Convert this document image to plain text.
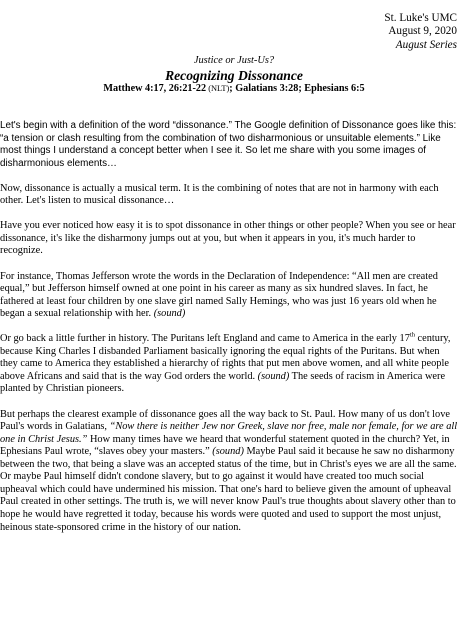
St. Luke's UMC
August 9, 2020
August Series
Justice or Just-Us?
Recognizing Dissonance
Matthew 4:17, 26:21-22 (NLT); Galatians 3:28; Ephesians 6:5

Let's begin with a definition of the word “dissonance.” The Google definition of Dissonance goes like this: “a tension or clash resulting from the combination of two disharmonious or unsuitable elements.” Like most things I understand a concept better when I see it. So let me share with you some images of disharmonious elements…

Now, dissonance is actually a musical term. It is the combining of notes that are not in harmony with each other. Let's listen to musical dissonance…

Have you ever noticed how easy it is to spot dissonance in other things or other people? When you see or hear dissonance, it's like the disharmony jumps out at you, but when it appears in you, it's much harder to recognize.

For instance, Thomas Jefferson wrote the words in the Declaration of Independence: “All men are created equal,” but Jefferson himself owned at one point in his career as many as six hundred slaves. In fact, he fathered at least four children by one slave girl named Sally Hemings, who was just 16 years old when he began a sexual relationship with her. (sound)

Or go back a little further in history. The Puritans left England and came to America in the early 17th century, because King Charles I disbanded Parliament basically ignoring the equal rights of the Puritans. But when they came to America they established a hierarchy of rights that put men above women, and all white people above Africans and said that is the way God orders the world. (sound) The seeds of racism in America were planted by Christian pioneers.

But perhaps the clearest example of dissonance goes all the way back to St. Paul. How many of us don't love Paul's words in Galatians, “Now there is neither Jew nor Greek, slave nor free, male nor female, for we are all one in Christ Jesus.” How many times have we heard that wonderful statement quoted in the church? Yet, in Ephesians Paul wrote, “slaves obey your masters.” (sound) Maybe Paul said it because he saw no disharmony between the two, that being a slave was an accepted status of the time, but in Christ's eyes we are all the same. Or maybe Paul himself didn't condone slavery, but to go against it would have created too much social upheaval which could have undermined his mission. That one's hard to believe given the amount of upheaval Paul created in other settings. The truth is, we will never know Paul's true thoughts about slavery other than to hope he would have regretted it today, because his words were quoted and used to support the most unjust, heinous state-sponsored crime in the history of our nation.
